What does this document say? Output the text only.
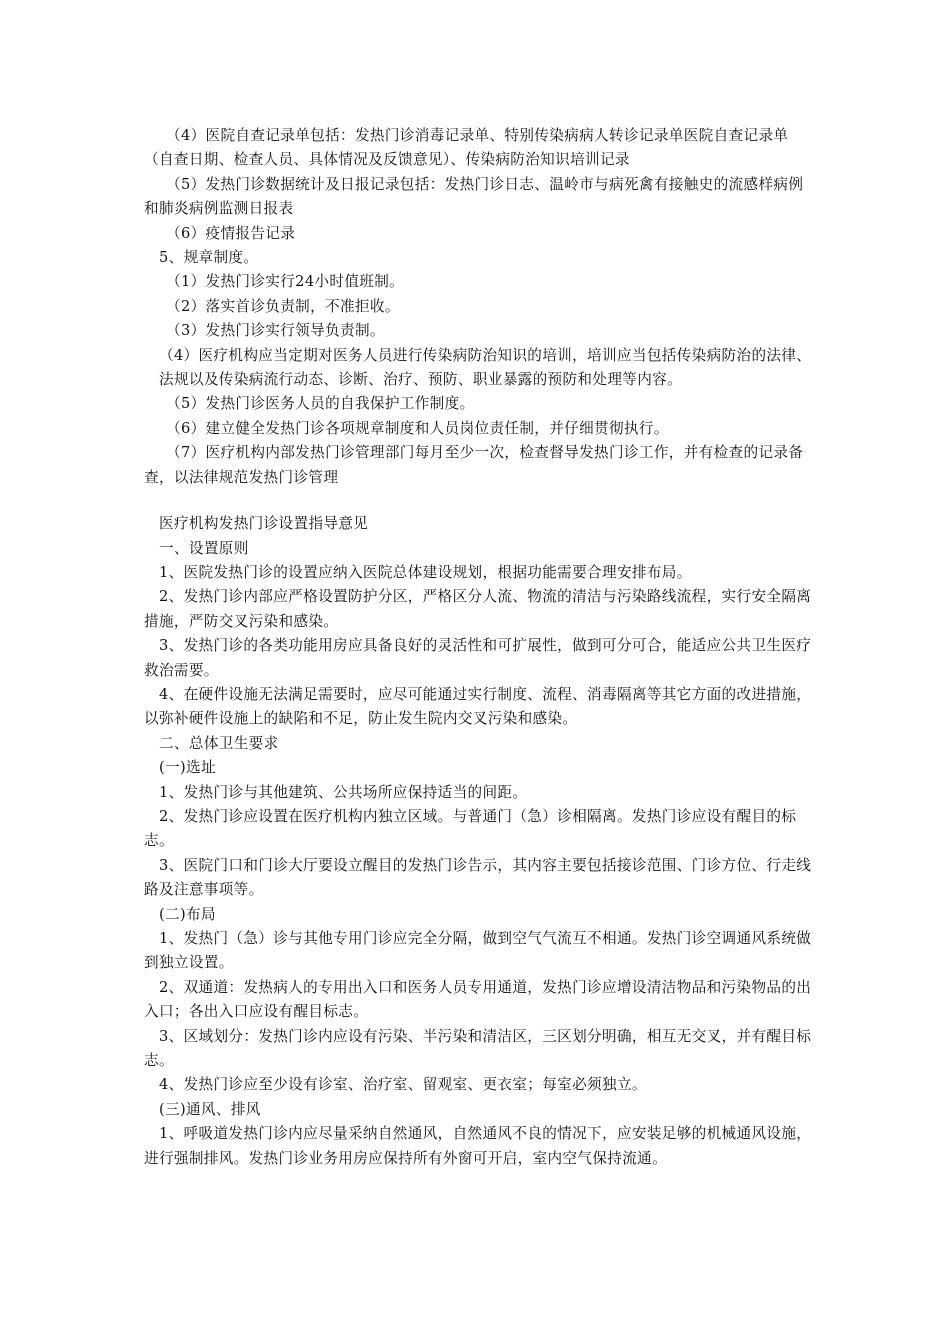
（4）医院自查记录单包括：发热门诊消毒记录单、特别传染病病人转诊记录单医院自查记录单（自查日期、检查人员、具体情况及反馈意见）、传染病防治知识培训记录

（5）发热门诊数据统计及日报记录包括：发热门诊日志、温岭市与病死禽有接触史的流感样病例和肺炎病例监测日报表

（6）疫情报告记录

5、规章制度。

（1）发热门诊实行24小时值班制。

（2）落实首诊负责制，不准拒收。

（3）发热门诊实行领导负责制。

（4）医疗机构应当定期对医务人员进行传染病防治知识的培训，培训应当包括传染病防治的法律、法规以及传染病流行动态、诊断、治疗、预防、职业暴露的预防和处理等内容。

（5）发热门诊医务人员的自我保护工作制度。

（6）建立健全发热门诊各项规章制度和人员岗位责任制，并仔细贯彻执行。

（7）医疗机构内部发热门诊管理部门每月至少一次，检查督导发热门诊工作，并有检查的记录备查，以法律规范发热门诊管理

医疗机构发热门诊设置指导意见

一、设置原则

1、医院发热门诊的设置应纳入医院总体建设规划，根据功能需要合理安排布局。

2、发热门诊内部应严格设置防护分区，严格区分人流、物流的清洁与污染路线流程，实行安全隔离措施，严防交叉污染和感染。

3、发热门诊的各类功能用房应具备良好的灵活性和可扩展性，做到可分可合，能适应公共卫生医疗救治需要。

4、在硬件设施无法满足需要时，应尽可能通过实行制度、流程、消毒隔离等其它方面的改进措施，以弥补硬件设施上的缺陷和不足，防止发生院内交叉污染和感染。

二、总体卫生要求

(一)选址

1、发热门诊与其他建筑、公共场所应保持适当的间距。

2、发热门诊应设置在医疗机构内独立区域。与普通门（急）诊相隔离。发热门诊应设有醒目的标志。

3、医院门口和门诊大厅要设立醒目的发热门诊告示，其内容主要包括接诊范围、门诊方位、行走线路及注意事项等。

(二)布局

1、发热门（急）诊与其他专用门诊应完全分隔，做到空气气流互不相通。发热门诊空调通风系统做到独立设置。

2、双通道：发热病人的专用出入口和医务人员专用通道，发热门诊应增设清洁物品和污染物品的出入口；各出入口应设有醒目标志。

3、区域划分：发热门诊内应设有污染、半污染和清洁区，三区划分明确，相互无交叉，并有醒目标志。

4、发热门诊应至少设有诊室、治疗室、留观室、更衣室；每室必须独立。

(三)通风、排风

1、呼吸道发热门诊内应尽量采纳自然通风，自然通风不良的情况下，应安装足够的机械通风设施，进行强制排风。发热门诊业务用房应保持所有外窗可开启，室内空气保持流通。
